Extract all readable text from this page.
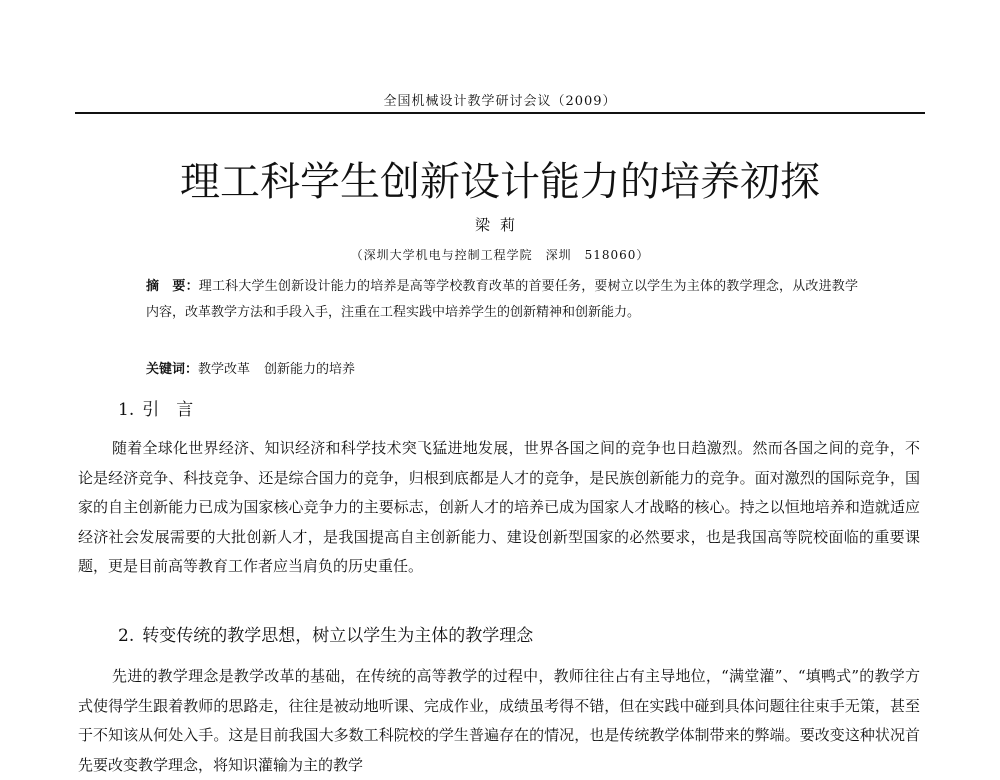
全国机械设计教学研讨会议（2009）
理工科学生创新设计能力的培养初探
梁莉
（深圳大学机电与控制工程学院　深圳　518060）
摘　要：理工科大学生创新设计能力的培养是高等学校教育改革的首要任务，要树立以学生为主体的教学理念，从改进教学内容，改革教学方法和手段入手，注重在工程实践中培养学生的创新精神和创新能力。
关键词：教学改革 创新能力的培养
1. 引　言
随着全球化世界经济、知识经济和科学技术突飞猛进地发展，世界各国之间的竞争也日趋激烈。然而各国之间的竞争，不论是经济竞争、科技竞争、还是综合国力的竞争，归根到底都是人才的竞争，是民族创新能力的竞争。面对激烈的国际竞争，国家的自主创新能力已成为国家核心竞争力的主要标志，创新人才的培养已成为国家人才战略的核心。持之以恒地培养和造就适应经济社会发展需要的大批创新人才，是我国提高自主创新能力、建设创新型国家的必然要求，也是我国高等院校面临的重要课题，更是目前高等教育工作者应当肩负的历史重任。
2. 转变传统的教学思想，树立以学生为主体的教学理念
先进的教学理念是教学改革的基础，在传统的高等教学的过程中，教师往往占有主导地位，“满堂灌”、“填鸭式”的教学方式使得学生跟着教师的思路走，往往是被动地听课、完成作业，成绩虽考得不错，但在实践中碰到具体问题往往束手无策，甚至于不知该从何处入手。这是目前我国大多数工科院校的学生普遍存在的情况，也是传统教学体制带来的弊端。要改变这种状况首先要改变教学理念，将知识灌输为主的教学
